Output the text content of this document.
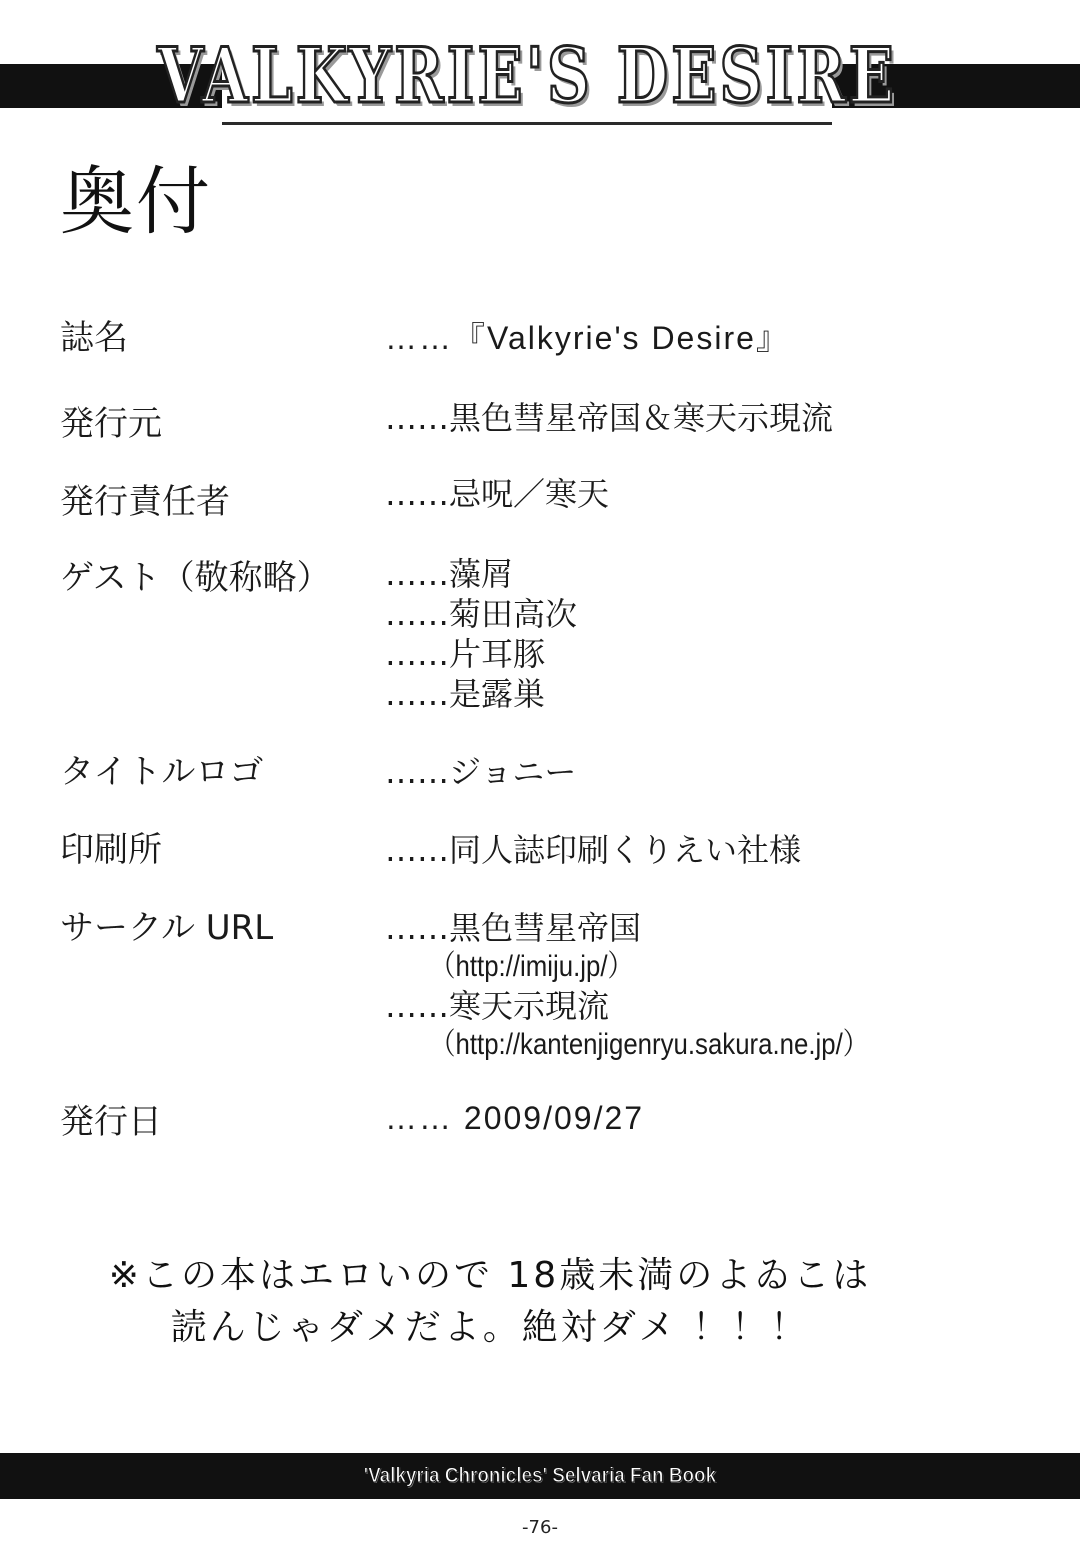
VALKYRIE'S DESIRE
奥付
誌名	……『Valkyrie's Desire』
発行元	……黒色彗星帝国＆寒天示現流
発行責任者	……忌呪／寒天
ゲスト（敬称略） ……藻屑
……菊田高次
……片耳豚
……是露巣
タイトルロゴ	……ジョニー
印刷所	……同人誌印刷くりえい社様
サークル URL	……黒色彗星帝国
（http://imiju.jp/）
……寒天示現流
（http://kantenjigenryu.sakura.ne.jp/）
発行日	…… 2009/09/27
※この本はエロいので 18歳未満のよゐこは
読んじゃダメだよ。絶対ダメ ！！！
'Valkyria Chronicles' Selvaria Fan Book
-76-
